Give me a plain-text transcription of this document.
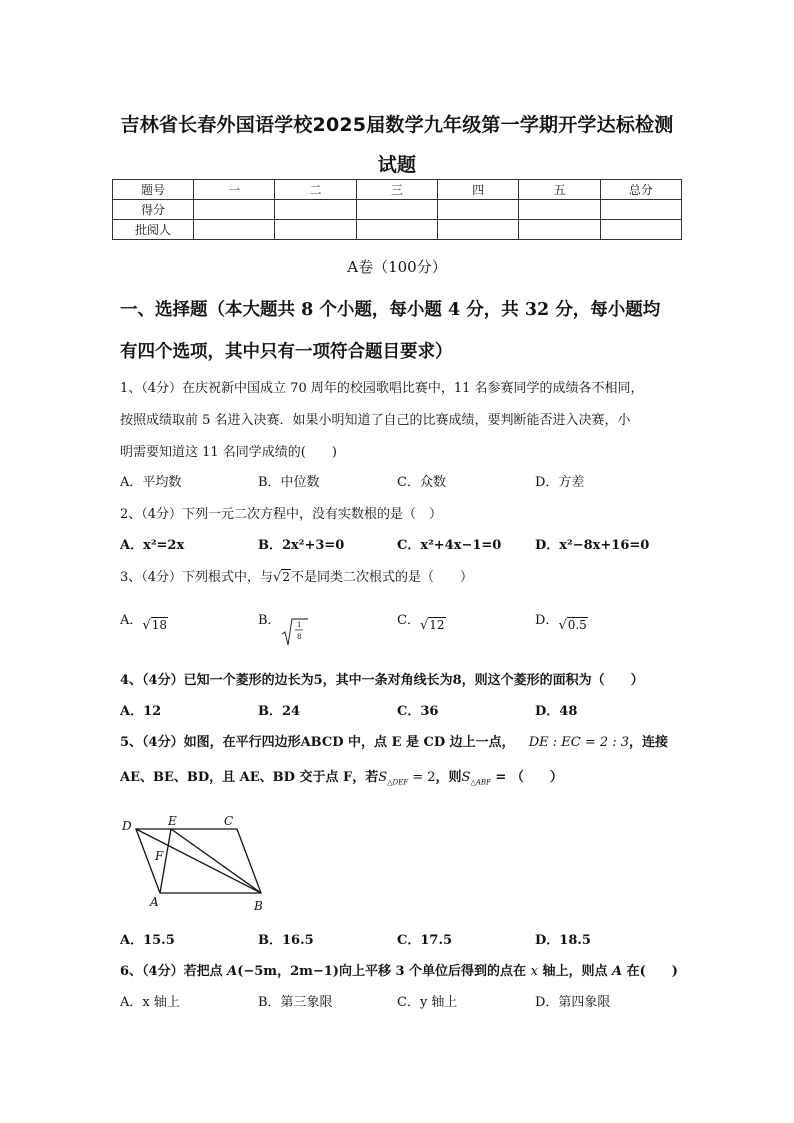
吉林省长春外国语学校2025届数学九年级第一学期开学达标检测
试题
题号	一	二	三	四	五	总分
得分						
批阅人						
A卷（100分）
一、选择题（本大题共 8 个小题，每小题 4 分，共 32 分，每小题均
有四个选项，其中只有一项符合题目要求）
1、（4分）在庆祝新中国成立 70 周年的校园歌唱比赛中，11 名参赛同学的成绩各不相同，
按照成绩取前 5 名进入决赛．如果小明知道了自己的比赛成绩，要判断能否进入决赛，小
明需要知道这 11 名同学成绩的(　　)
A．平均数	B．中位数	C．众数	D．方差
2、（4分）下列一元二次方程中，没有实数根的是（　）
A．x²=2x	B．2x²+3=0	C．x²+4x−1=0	D．x²−8x+16=0
3、（4分）下列根式中，与√2不是同类二次根式的是（　　）
A．√18	B． 1
8
C．√12	D．√0.5
4、（4分）已知一个菱形的边长为5，其中一条对角线长为8，则这个菱形的面积为（　　）
A．12	B．24	C．36	D．48
5、（4分）如图，在平行四边形ABCD 中，点 E 是 CD 边上一点， DE : EC = 2 : 3，连接
AE、BE、BD，且 AE、BD 交于点 F，若$S_{\triangle DEF} = 2$，则$S_{\triangle ABF}$ = （　　）
D	E	C
F
A	B
A．15.5	B．16.5	C．17.5	D．18.5
6、（4分）若把点 A(−5m，2m−1)向上平移 3 个单位后得到的点在 x 轴上，则点 A 在(　　)
A．x 轴上	B．第三象限	C．y 轴上	D．第四象限
